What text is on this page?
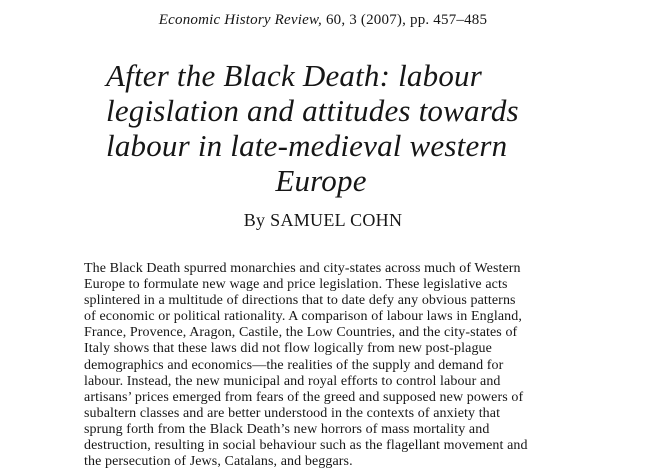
Economic History Review, 60, 3 (2007), pp. 457–485
After the Black Death: labour
legislation and attitudes towards
labour in late-medieval western
Europe
By SAMUEL COHN
The Black Death spurred monarchies and city-states across much of Western
Europe to formulate new wage and price legislation. These legislative acts
splintered in a multitude of directions that to date defy any obvious patterns
of economic or political rationality. A comparison of labour laws in England,
France, Provence, Aragon, Castile, the Low Countries, and the city-states of
Italy shows that these laws did not flow logically from new post-plague
demographics and economics—the realities of the supply and demand for
labour. Instead, the new municipal and royal efforts to control labour and
artisans’ prices emerged from fears of the greed and supposed new powers of
subaltern classes and are better understood in the contexts of anxiety that
sprung forth from the Black Death’s new horrors of mass mortality and
destruction, resulting in social behaviour such as the flagellant movement and
the persecution of Jews, Catalans, and beggars.
